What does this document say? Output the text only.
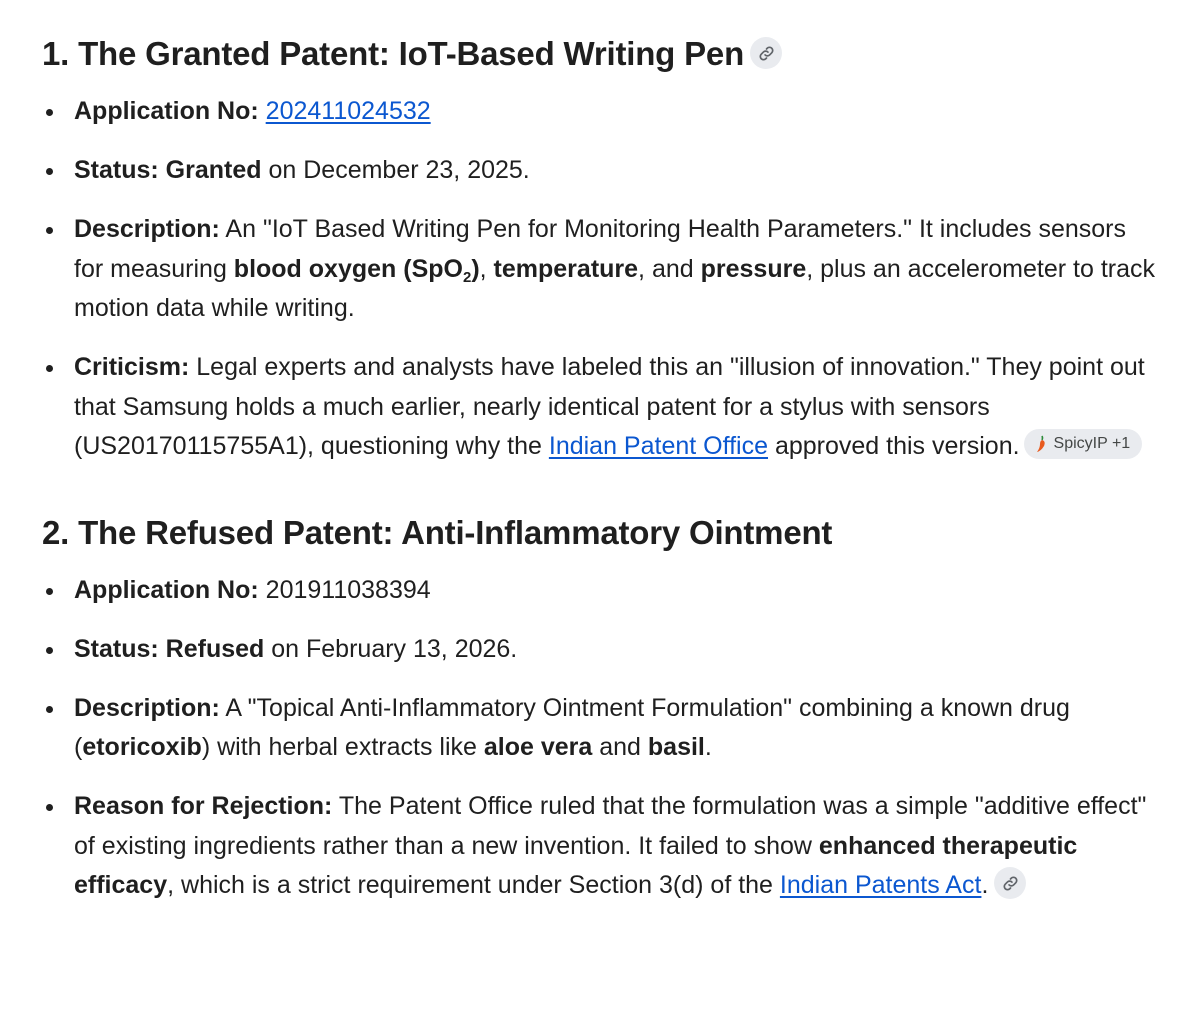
1. The Granted Patent: IoT-Based Writing Pen
Application No: 202411024532
Status: Granted on December 23, 2025.
Description: An "IoT Based Writing Pen for Monitoring Health Parameters." It includes sensors for measuring blood oxygen (SpO$_2$), temperature, and pressure, plus an accelerometer to track motion data while writing.
Criticism: Legal experts and analysts have labeled this an "illusion of innovation." They point out that Samsung holds a much earlier, nearly identical patent for a stylus with sensors (US20170115755A1), questioning why the Indian Patent Office approved this version. SpicyIP +1
2. The Refused Patent: Anti-Inflammatory Ointment
Application No: 201911038394
Status: Refused on February 13, 2026.
Description: A "Topical Anti-Inflammatory Ointment Formulation" combining a known drug (etoricoxib) with herbal extracts like aloe vera and basil.
Reason for Rejection: The Patent Office ruled that the formulation was a simple "additive effect" of existing ingredients rather than a new invention. It failed to show enhanced therapeutic efficacy, which is a strict requirement under Section 3(d) of the Indian Patents Act.
